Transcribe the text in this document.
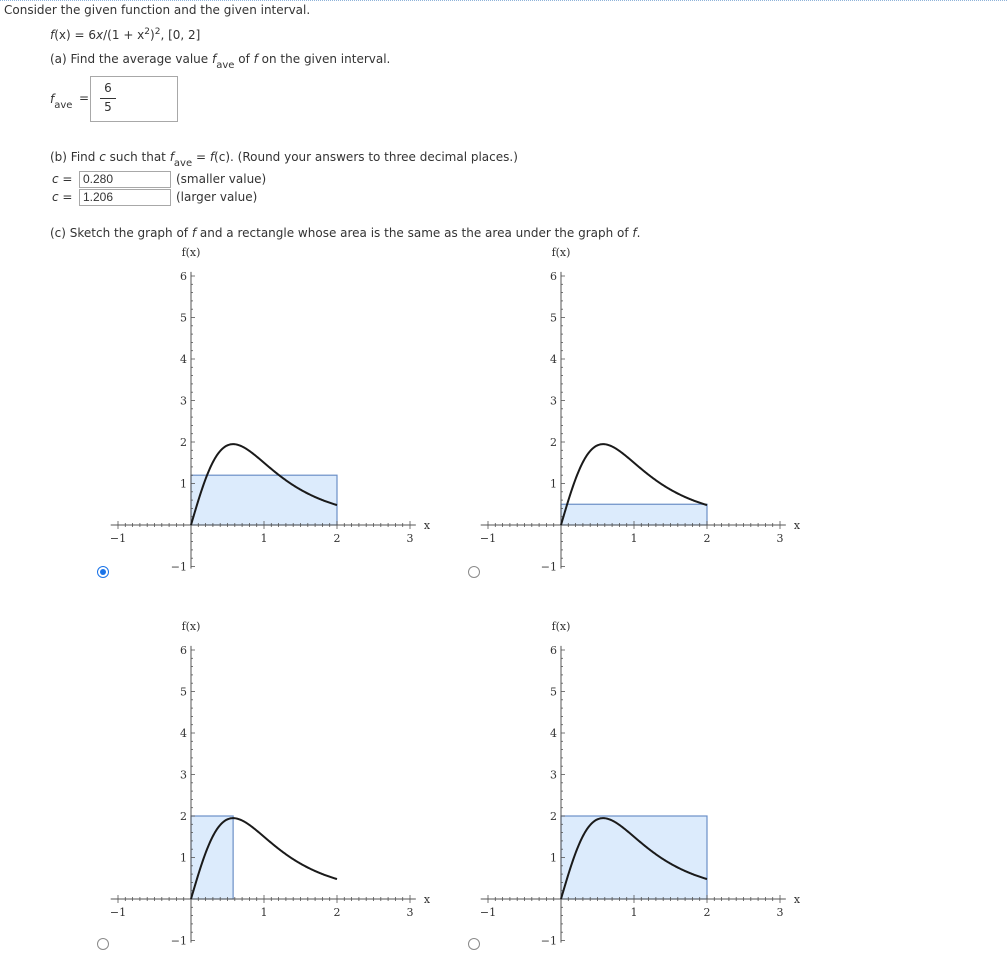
Consider the given function and the given interval.
$f(x) = 6x/(1 + x^2)^2$, [0, 2]
(a) Find the average value $f_{ave}$ of f on the given interval.
$f_{ave}$
=
6
5
(b) Find c such that $f_{ave} = f(c)$. (Round your answers to three decimal places.)
c = 0.280	(smaller value)
c = 1.206	(larger value)
(c) Sketch the graph of f and a rectangle whose area is the same as the area under the graph of f.
6
5
4
3
2
1
−1
−1	1	2	3
f(x)
x
6
5
4
3
2
1
−1
−1	1	2	3
f(x)
x
6
5
4
3
2
1
−1
−1	1	2	3
f(x)
x
6
5
4
3
2
1
−1
−1	1	2	3
f(x)
x
